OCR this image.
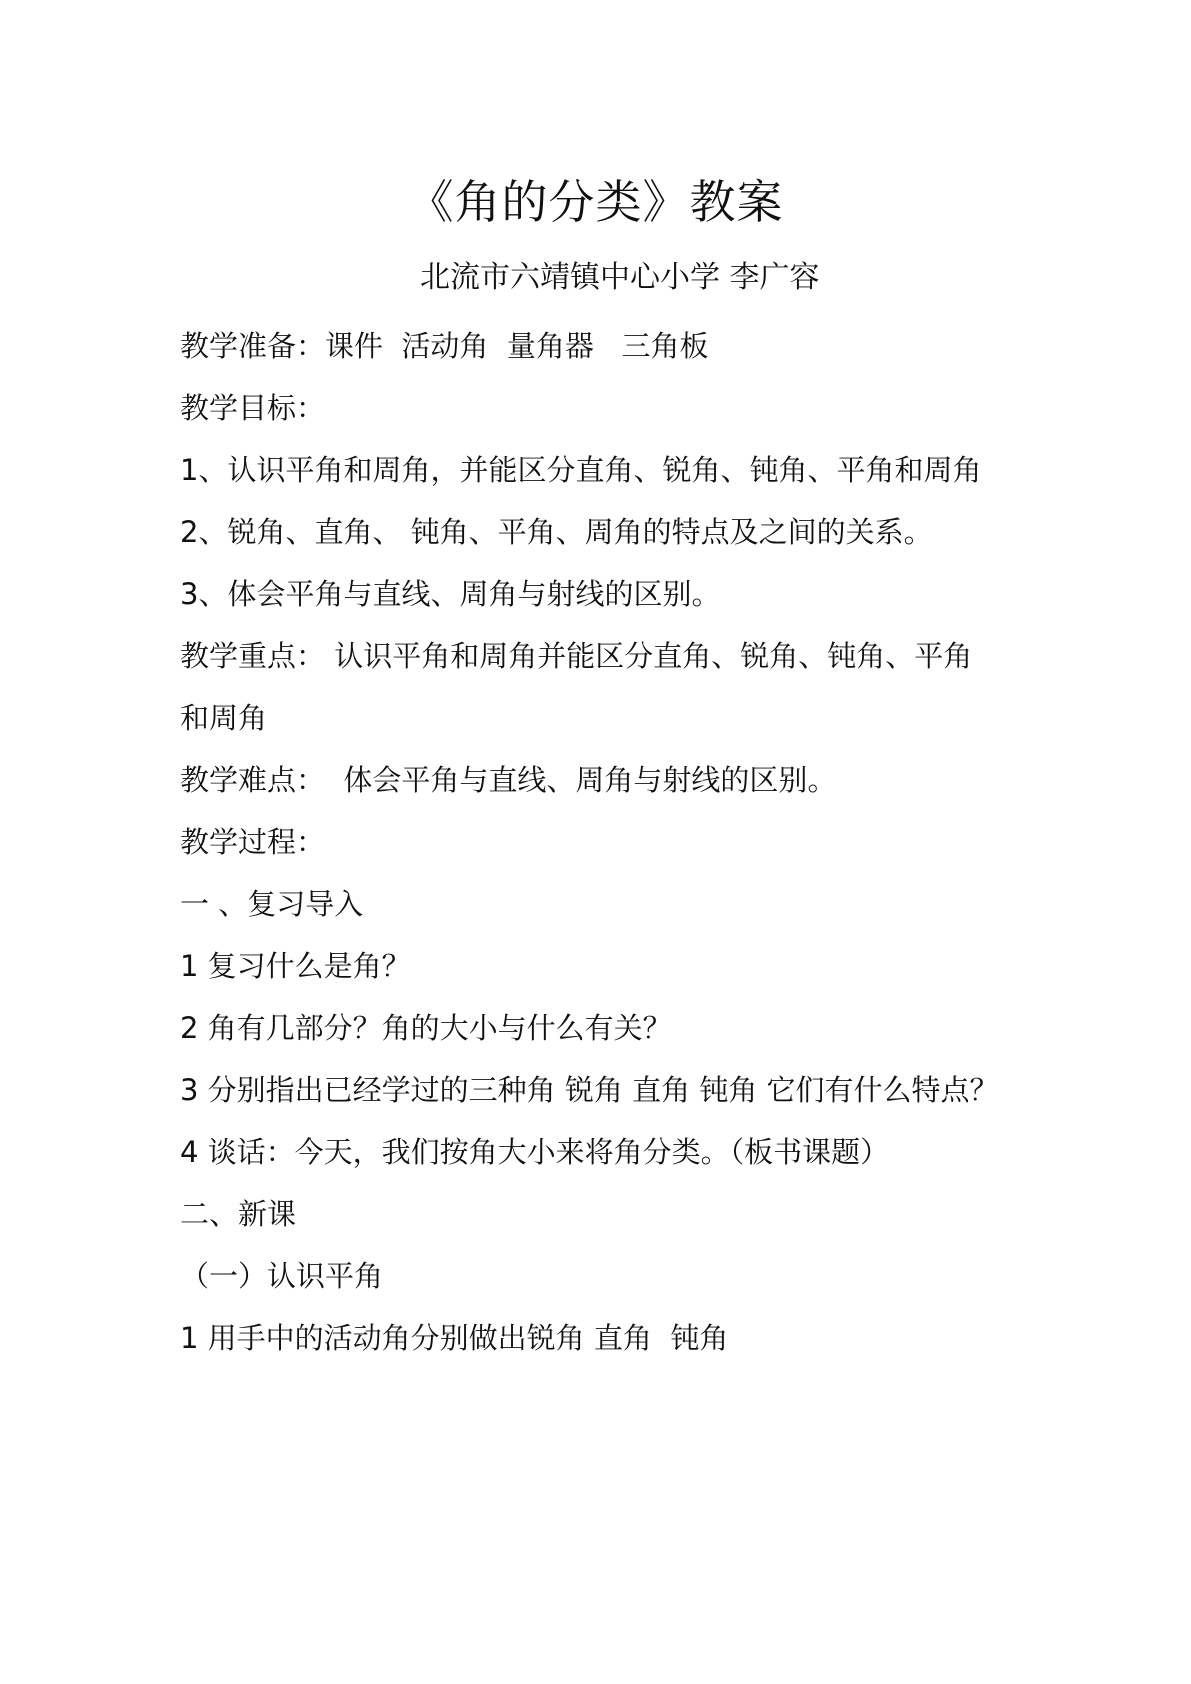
《角的分类》教案
北流市六靖镇中心小学 李广容
教学准备：课件  活动角  量角器   三角板
教学目标：
1、认识平角和周角，并能区分直角、锐角、钝角、平角和周角
2、锐角、直角、 钝角、平角、周角的特点及之间的关系。
3、体会平角与直线、周角与射线的区别。
教学重点： 认识平角和周角并能区分直角、锐角、钝角、平角
和周角
教学难点：  体会平角与直线、周角与射线的区别。
教学过程：
一 、复习导入
1 复习什么是角？
2 角有几部分？角的大小与什么有关？
3 分别指出已经学过的三种角 锐角 直角 钝角 它们有什么特点？
4 谈话：今天，我们按角大小来将角分类。（板书课题）
二、新课
（一）认识平角
1 用手中的活动角分别做出锐角 直角  钝角
